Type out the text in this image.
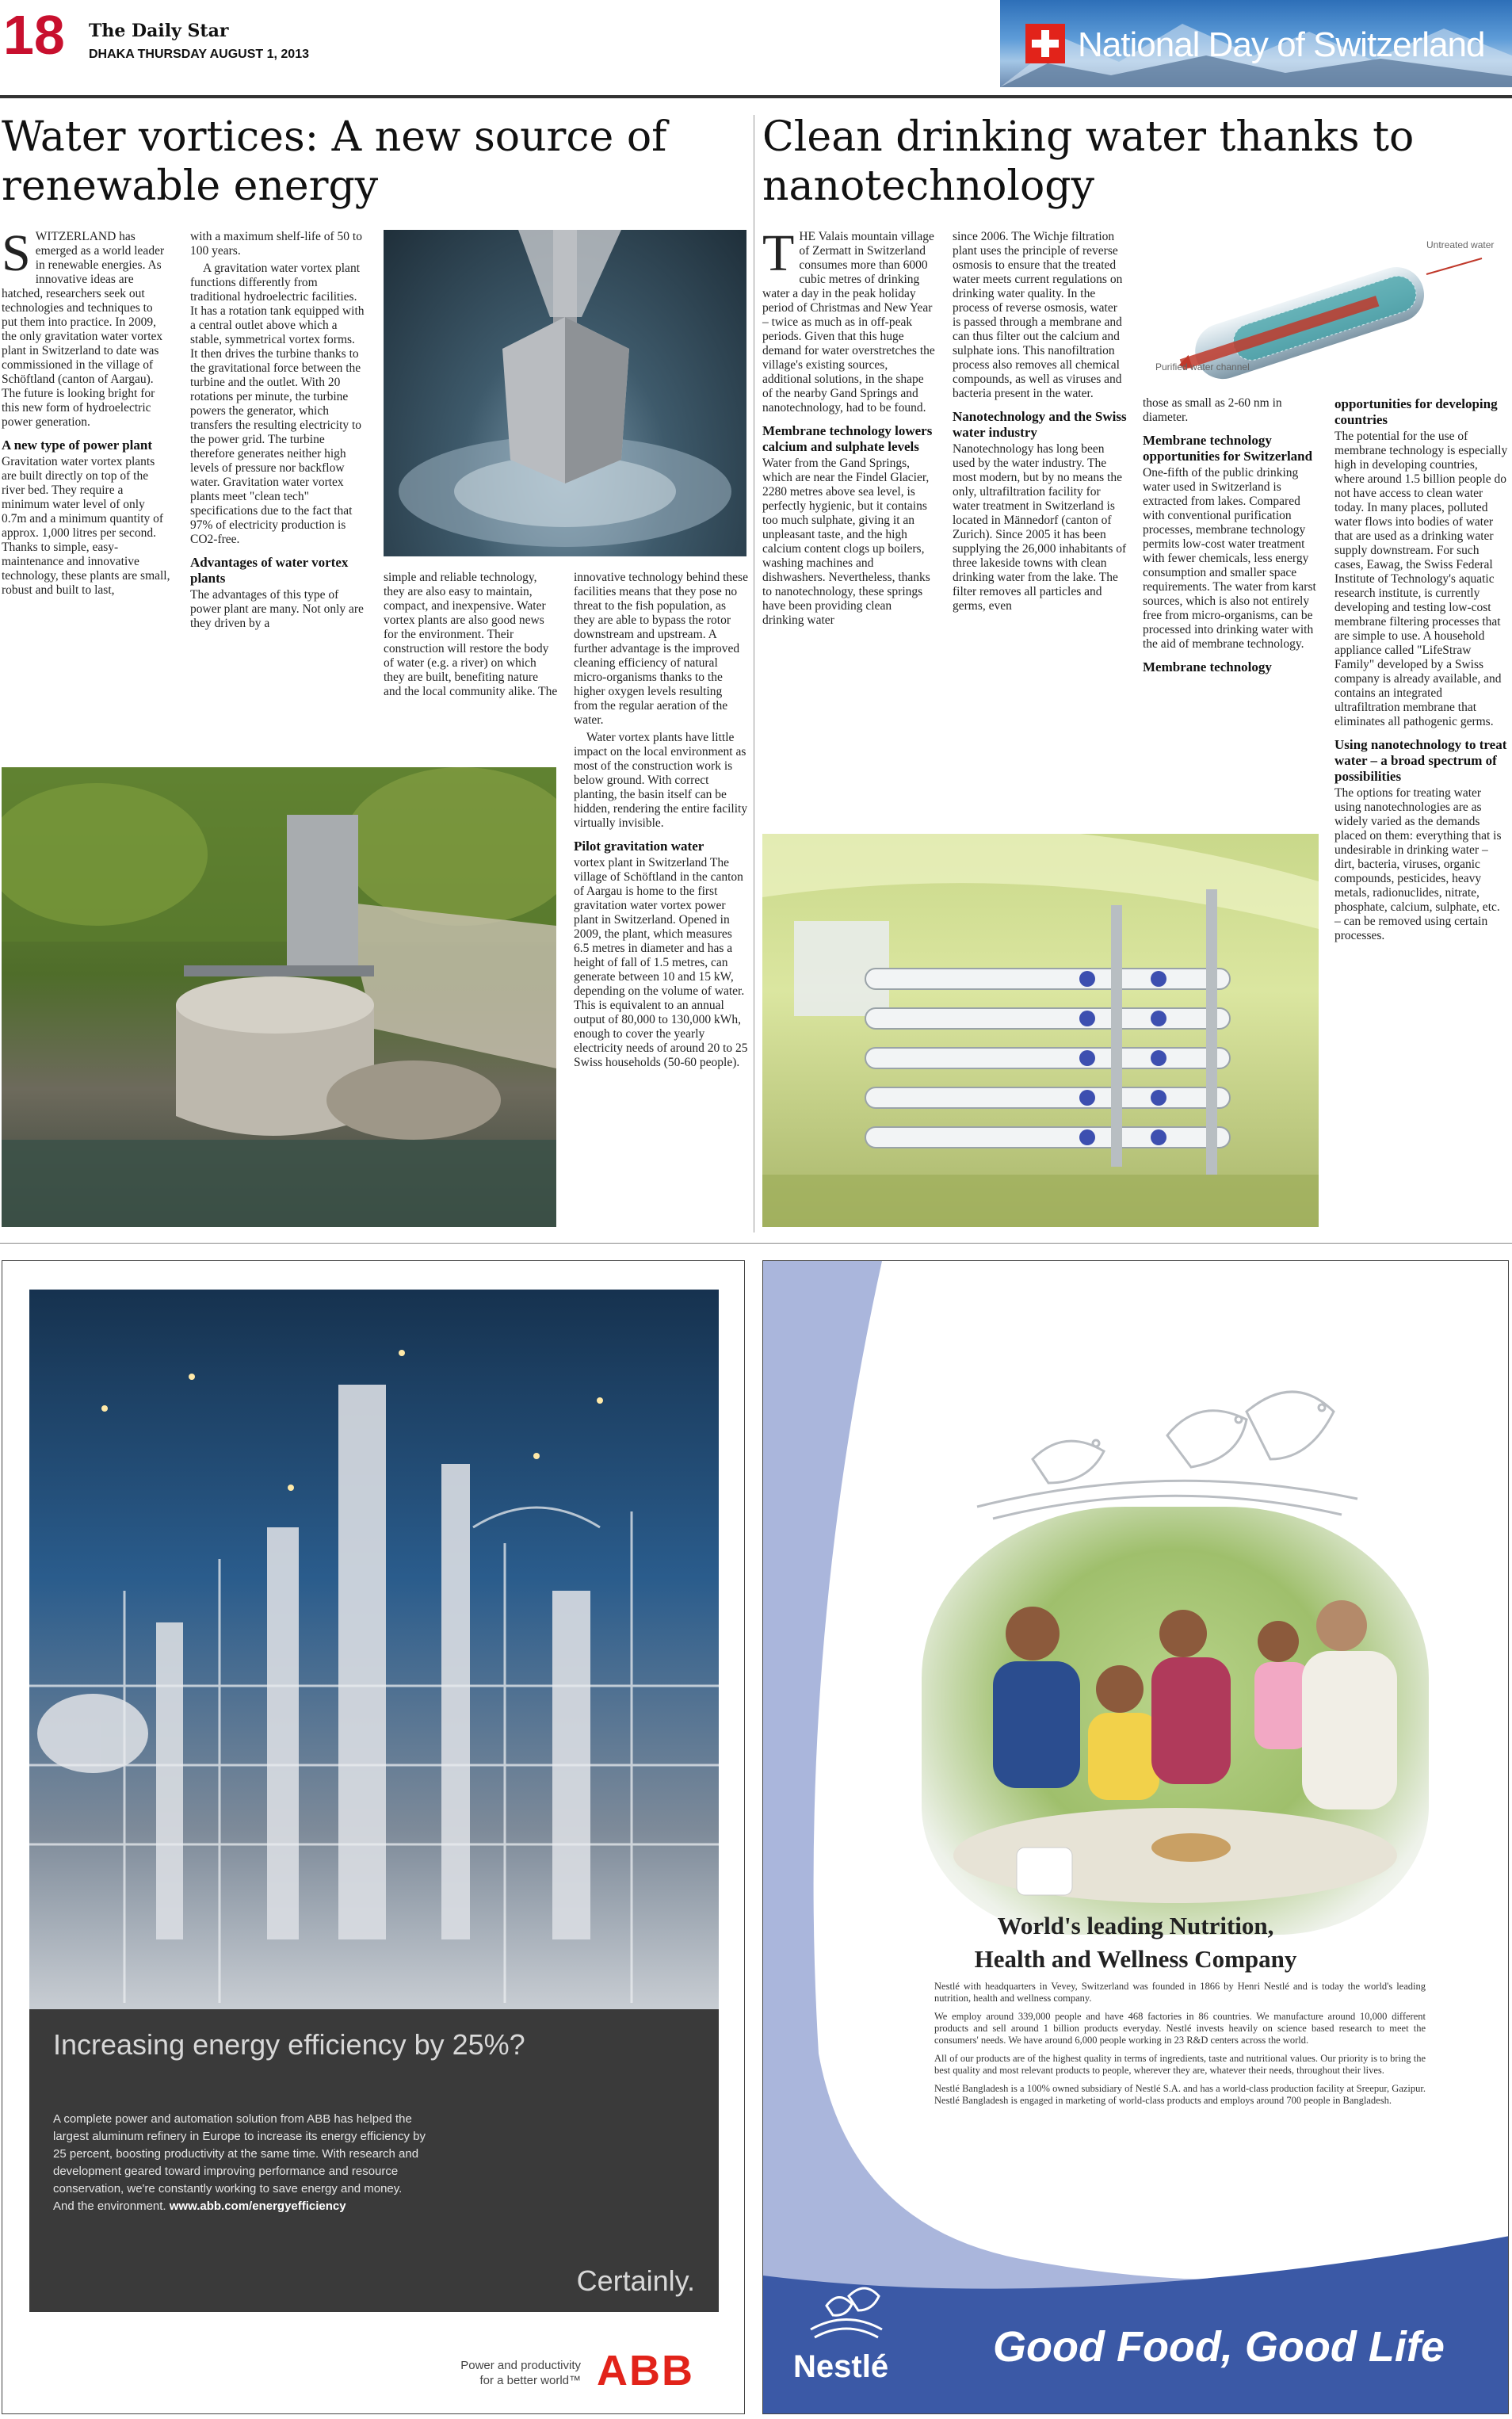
18 The Daily Star
DHAKA THURSDAY AUGUST 1, 2013	National Day of Switzerland
Water vortices: A new source of renewable energy

SWITZERLAND has emerged as a world leader in renewable energies. As innovative ideas are hatched, researchers seek out technologies and techniques to put them into practice. In 2009, the only gravitation water vortex plant in Switzerland to date was commissioned in the village of Schöftland (canton of Aargau). The future is looking bright for this new form of hydroelectric power generation.

A new type of power plant

Gravitation water vortex plants are built directly on top of the river bed. They require a minimum water level of only 0.7m and a minimum quantity of approx. 1,000 litres per second. Thanks to simple, easy-maintenance and innovative technology, these plants are small, robust and built to last,

with a maximum shelf-life of 50 to 100 years.

A gravitation water vortex plant functions differently from traditional hydroelectric facilities. It has a rotation tank equipped with a central outlet above which a stable, symmetrical vortex forms. It then drives the turbine thanks to the gravitational force between the turbine and the outlet. With 20 rotations per minute, the turbine powers the generator, which transfers the resulting electricity to the power grid. The turbine therefore generates neither high levels of pressure nor backflow water. Gravitation water vortex plants meet "clean tech" specifications due to the fact that 97% of electricity production is CO2-free.

Advantages of water vortex plants

The advantages of this type of power plant are many. Not only are they driven by a

simple and reliable technology, they are also easy to maintain, compact, and inexpensive. Water vortex plants are also good news for the environment. Their construction will restore the body of water (e.g. a river) on which they are built, benefiting nature and the local community alike. The

innovative technology behind these facilities means that they pose no threat to the fish population, as they are able to bypass the rotor downstream and upstream. A further advantage is the improved cleaning efficiency of natural micro-organisms thanks to the higher oxygen levels resulting from the regular aeration of the water.

Water vortex plants have little impact on the local environment as most of the construction work is below ground. With correct planting, the basin itself can be hidden, rendering the entire facility virtually invisible.

Pilot gravitation water

vortex plant in Switzerland The village of Schöftland in the canton of Aargau is home to the first gravitation water vortex power plant in Switzerland. Opened in 2009, the plant, which measures 6.5 metres in diameter and has a height of fall of 1.5 metres, can generate between 10 and 15 kW, depending on the volume of water. This is equivalent to an annual output of 80,000 to 130,000 kWh, enough to cover the yearly electricity needs of around 20 to 25 Swiss households (50-60 people).

Clean drinking water thanks to nanotechnology

THE Valais mountain village of Zermatt in Switzerland consumes more than 6000 cubic metres of drinking water a day in the peak holiday period of Christmas and New Year – twice as much as in off-peak periods. Given that this huge demand for water overstretches the village's existing sources, additional solutions, in the shape of the nearby Gand Springs and nanotechnology, had to be found.

Membrane technology lowers calcium and sulphate levels

Water from the Gand Springs, which are near the Findel Glacier, 2280 metres above sea level, is perfectly hygienic, but it contains too much sulphate, giving it an unpleasant taste, and the high calcium content clogs up boilers, washing machines and dishwashers. Nevertheless, thanks to nanotechnology, these springs have been providing clean drinking water

since 2006. The Wichje filtration plant uses the principle of reverse osmosis to ensure that the treated water meets current regulations on drinking water quality. In the process of reverse osmosis, water is passed through a membrane and can thus filter out the calcium and sulphate ions. This nanofiltration process also removes all chemical compounds, as well as viruses and bacteria present in the water.

Nanotechnology and the Swiss water industry

Nanotechnology has long been used by the water industry. The most modern, but by no means the only, ultrafiltration facility for water treatment in Switzerland is located in Männedorf (canton of Zurich). Since 2005 it has been supplying the 26,000 inhabitants of three lakeside towns with clean drinking water from the lake. The filter removes all particles and germs, even

Untreated water
Purified water channel

those as small as 2-60 nm in diameter.

Membrane technology opportunities for Switzerland

One-fifth of the public drinking water used in Switzerland is extracted from lakes. Compared with conventional purification processes, membrane technology permits low-cost water treatment with fewer chemicals, less energy consumption and smaller space requirements. The water from karst sources, which is also not entirely free from micro-organisms, can be processed into drinking water with the aid of membrane technology.

Membrane technology
opportunities for developing countries

The potential for the use of membrane technology is especially high in developing countries, where around 1.5 billion people do not have access to clean water today. In many places, polluted water flows into bodies of water that are used as a drinking water supply downstream. For such cases, Eawag, the Swiss Federal Institute of Technology's aquatic research institute, is currently developing and testing low-cost membrane filtering processes that are simple to use. A household appliance called "LifeStraw Family" developed by a Swiss company is already available, and contains an integrated ultrafiltration membrane that eliminates all pathogenic germs.

Using nanotechnology to treat water – a broad spectrum of possibilities

The options for treating water using nanotechnologies are as widely varied as the demands placed on them: everything that is undesirable in drinking water – dirt, bacteria, viruses, organic compounds, pesticides, heavy metals, radionuclides, nitrate, phosphate, calcium, sulphate, etc. – can be removed using certain processes.

Increasing energy efficiency by 25%?
A complete power and automation solution from ABB has helped the largest aluminum refinery in Europe to increase its energy efficiency by 25 percent, boosting productivity at the same time. With research and development geared toward improving performance and resource conservation, we're constantly working to save energy and money. And the environment. www.abb.com/energyefficiency
Certainly.
Power and productivity
for a better world™ ABB
World's leading Nutrition,
Health and Wellness Company

Nestlé with headquarters in Vevey, Switzerland was founded in 1866 by Henri Nestlé and is today the world's leading nutrition, health and wellness company.

We employ around 339,000 people and have 468 factories in 86 countries. We manufacture around 10,000 different products and sell around 1 billion products everyday. Nestlé invests heavily on science based research to meet the consumers' needs. We have around 6,000 people working in 23 R&D centers across the world.

All of our products are of the highest quality in terms of ingredients, taste and nutritional values. Our priority is to bring the best quality and most relevant products to people, wherever they are, whatever their needs, throughout their lives.

Nestlé Bangladesh is a 100% owned subsidiary of Nestlé S.A. and has a world-class production facility at Sreepur, Gazipur. Nestlé Bangladesh is engaged in marketing of world-class products and employs around 700 people in Bangladesh.

Nestlé Good Food, Good Life
